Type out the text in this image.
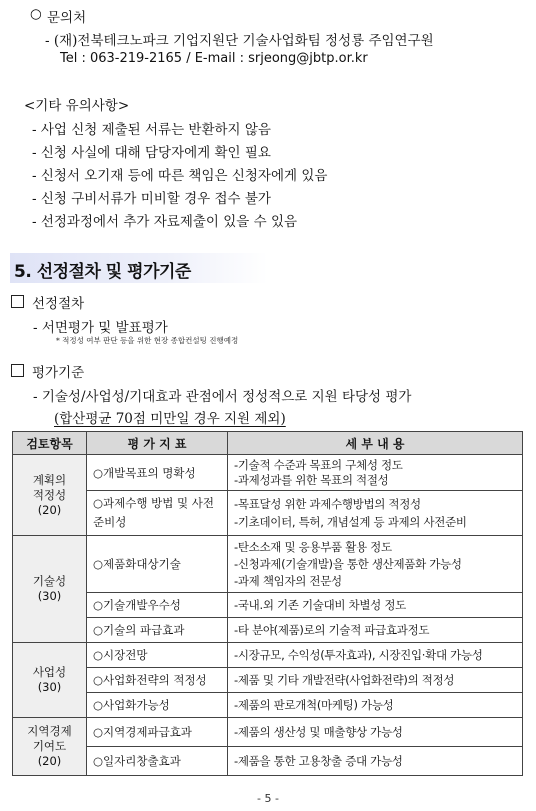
○ 문의처
- (재)전북테크노파크 기업지원단 기술사업화팀 정성룡 주임연구원
Tel : 063-219-2165 / E-mail : srjeong@jbtp.or.kr
<기타 유의사항>
- 사업 신청 제출된 서류는 반환하지 않음
- 신청 사실에 대해 담당자에게 확인 필요
- 신청서 오기재 등에 따른 책임은 신청자에게 있음
- 신청 구비서류가 미비할 경우 접수 불가
- 선정과정에서 추가 자료제출이 있을 수 있음
5. 선정절차 및 평가기준
선정절차
- 서면평가 및 발표평가
* 적정성 여부 판단 등을 위한 현장 종합컨설팅 진행예정
평가기준
- 기술성/사업성/기대효과 관점에서 정성적으로 지원 타당성 평가
(합산평균 70점 미만일 경우 지원 제외)
검토항목	평 가 지 표	세 부 내 용

계획의
적정성
(20)	○개발목표의 명확성	-기술적 수준과 목표의 구체성 정도
-과제성과를 위한 목표의 적절성

	○과제수행 방법 및 사전준비성	-목표달성 위한 과제수행방법의 적정성
-기초데이터, 특허, 개념설계 등 과제의 사전준비

기술성
(30)	○제품화대상기술	-탄소소재 및 응용부품 활용 정도
-신청과제(기술개발)을 통한 생산제품화 가능성
-과제 책임자의 전문성

	○기술개발우수성	-국내.외 기존 기술대비 차별성 정도

	○기술의 파급효과	-타 분야(제품)로의 기술적 파급효과정도

사업성
(30)	○시장전망	-시장규모, 수익성(투자효과), 시장진입·확대 가능성

	○사업화전략의 적정성	-제품 및 기타 개발전략(사업화전략)의 적정성

	○사업화가능성	-제품의 판로개척(마케팅) 가능성

지역경제
기여도
(20)	○지역경제파급효과	-제품의 생산성 및 매출향상 가능성

	○일자리창출효과	-제품을 통한 고용창출 증대 가능성
- 5 -
